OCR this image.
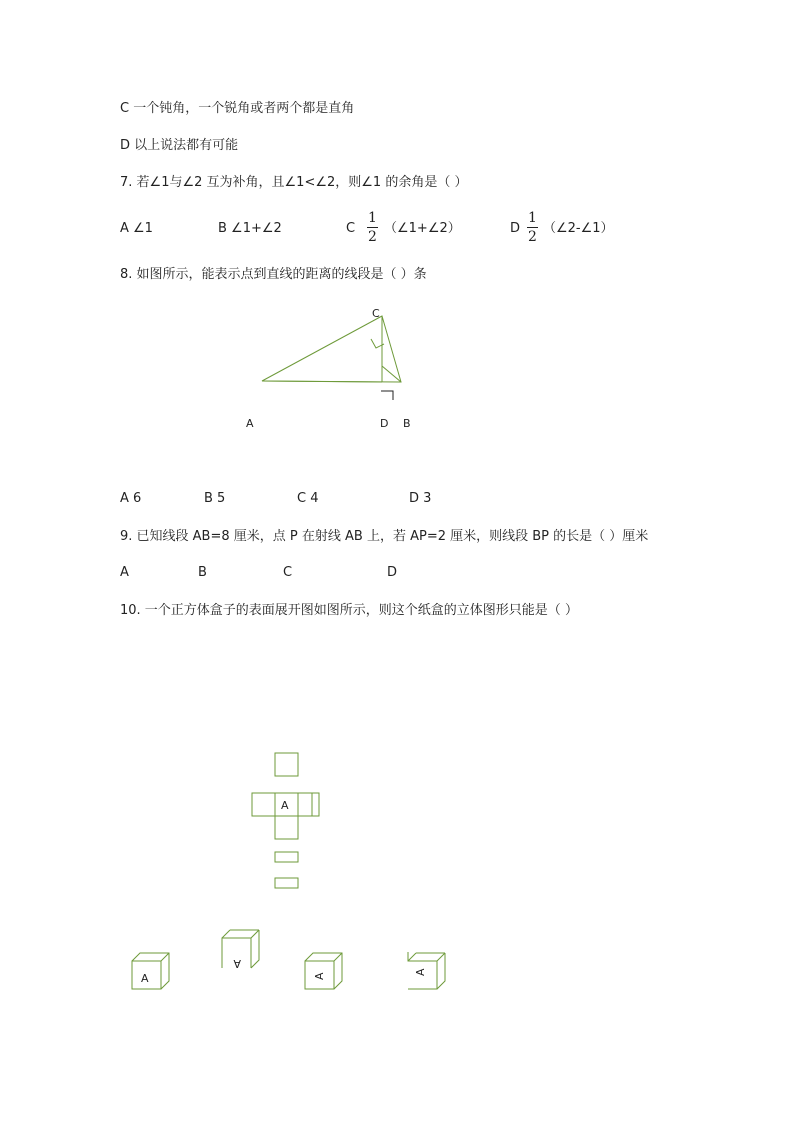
C 一个钝角，一个锐角或者两个都是直角
D 以上说法都有可能
7. 若∠1与∠2 互为补角，且∠1<∠2，则∠1 的余角是（ ）
A ∠1	B ∠1+∠2	C
1
2
（∠1+∠2）	D
1
2
（∠2-∠1）
8. 如图所示，能表示点到直线的距离的线段是（ ）条
C
A	D B
A 6	B 5	C 4	D 3
9. 已知线段 AB=8 厘米，点 P 在射线 AB 上，若 AP=2 厘米，则线段 BP 的长是（ ）厘米
A	B	C	D
10. 一个正方体盒子的表面展开图如图所示，则这个纸盒的立体图形只能是（ ）
A
A
A
A
A
